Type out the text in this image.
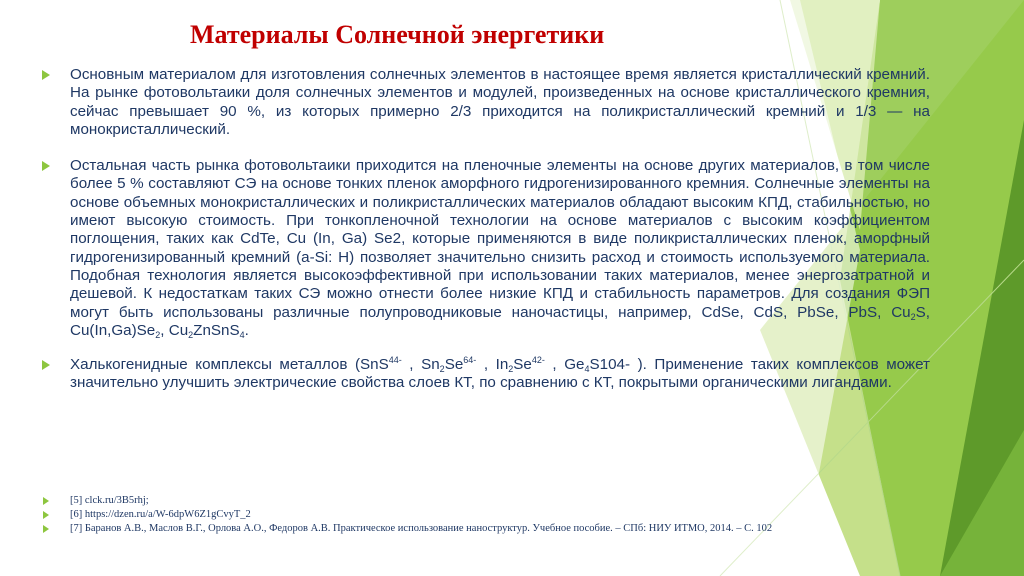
Материалы Солнечной энергетики
Основным материалом для изготовления солнечных элементов в настоящее время является кристаллический кремний. На рынке фотовольтаики доля солнечных элементов и модулей, произведенных на основе кристаллического кремния, сейчас превышает 90 %, из которых примерно 2/3 приходится на поликристаллический кремний и 1/3 — на монокристаллический.
Остальная часть рынка фотовольтаики приходится на пленочные элементы на основе других материалов, в том числе более 5 % составляют СЭ на основе тонких пленок аморфного гидрогенизированного кремния. Солнечные элементы на основе объемных монокристаллических и поликристаллических материалов обладают высоким КПД, стабильностью, но имеют высокую стоимость. При тонкопленочной технологии на основе материалов с высоким коэффициентом поглощения, таких как CdTe, Cu (In, Ga) Se2, которые применяются в виде поликристаллических пленок, аморфный гидрогенизированный кремний (a-Si: H) позволяет значительно снизить расход и стоимость используемого материала. Подобная технология является высокоэффективной при использовании таких материалов, менее энергозатратной и дешевой. К недостаткам таких СЭ можно отнести более низкие КПД и стабильность параметров. Для создания ФЭП могут быть использованы различные полупроводниковые наночастицы, например, CdSe, CdS, PbSe, PbS, $Cu_2S$, $Cu(In,Ga)Se_2$, $Cu_2ZnSnS_4$.
Халькогенидные комплексы металлов (SnS$^{44-}$ , $Sn_2Se^{64-}$ , $In_2Se^{42-}$ , $Ge_4S104-$ ). Применение таких комплексов может значительно улучшить электрические свойства слоев КТ, по сравнению с КТ, покрытыми органическими лигандами.
[5] clck.ru/3B5rhj;
[6] https://dzen.ru/a/W-6dpW6Z1gCvyT_2
[7] Баранов А.В., Маслов В.Г., Орлова А.О., Федоров А.В. Практическое использование наноструктур. Учебное пособие. – СПб: НИУ ИТМО, 2014. – С. 102
